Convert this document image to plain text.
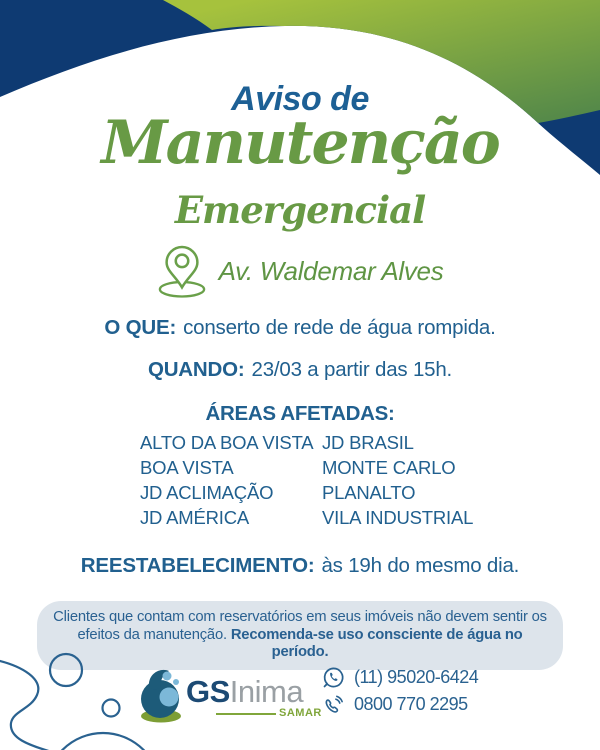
Aviso de
Manutenção
Emergencial
Av. Waldemar Alves
O QUE: conserto de rede de água rompida.
QUANDO: 23/03 a partir das 15h.
ÁREAS AFETADAS:
ALTO DA BOA VISTA
BOA VISTA
JD ACLIMAÇÃO
JD AMÉRICA
JD BRASIL
MONTE CARLO
PLANALTO
VILA INDUSTRIAL
REESTABELECIMENTO: às 19h do mesmo dia.
Clientes que contam com reservatórios em seus imóveis não devem sentir os efeitos da manutenção. Recomenda-se uso consciente de água no período.
GSInima
SAMAR
(11) 95020-6424
0800 770 2295
